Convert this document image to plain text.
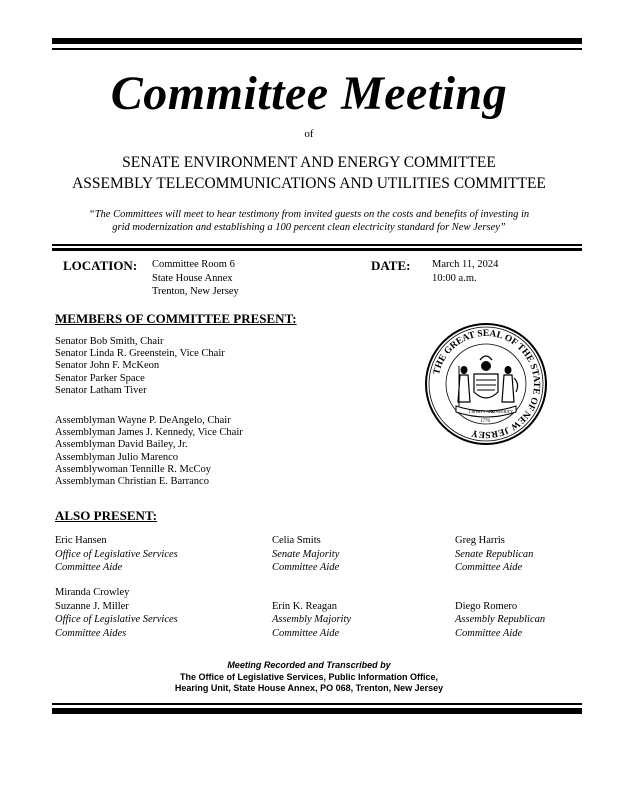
Committee Meeting
of
SENATE ENVIRONMENT AND ENERGY COMMITTEE
ASSEMBLY TELECOMMUNICATIONS AND UTILITIES COMMITTEE
“The Committees will meet to hear testimony from invited guests on the costs and benefits of investing in
grid modernization and establishing a 100 percent clean electricity standard for New Jersey”
LOCATION: Committee Room 6
State House Annex
Trenton, New Jersey
DATE: March 11, 2024
10:00 a.m.
MEMBERS OF COMMITTEE PRESENT:
Senator Bob Smith, Chair
Senator Linda R. Greenstein, Vice Chair
Senator John F. McKeon
Senator Parker Space
Senator Latham Tiver
Assemblyman Wayne P. DeAngelo, Chair
Assemblyman James J. Kennedy, Vice Chair
Assemblyman David Bailey, Jr.
Assemblyman Julio Marenco
Assemblywoman Tennille R. McCoy
Assemblyman Christian E. Barranco
THE GREAT SEAL OF THE STATE OF NEW JERSEY
LIBERTY AND
PROSPERITY
1776
ALSO PRESENT:
Eric Hansen
Office of Legislative Services
Committee Aide
Celia Smits
Senate Majority
Committee Aide
Greg Harris
Senate Republican
Committee Aide
Miranda Crowley
Suzanne J. Miller
Office of Legislative Services
Committee Aides
Erin K. Reagan
Assembly Majority
Committee Aide
Diego Romero
Assembly Republican
Committee Aide
Meeting Recorded and Transcribed by
The Office of Legislative Services, Public Information Office,
Hearing Unit, State House Annex, PO 068, Trenton, New Jersey
